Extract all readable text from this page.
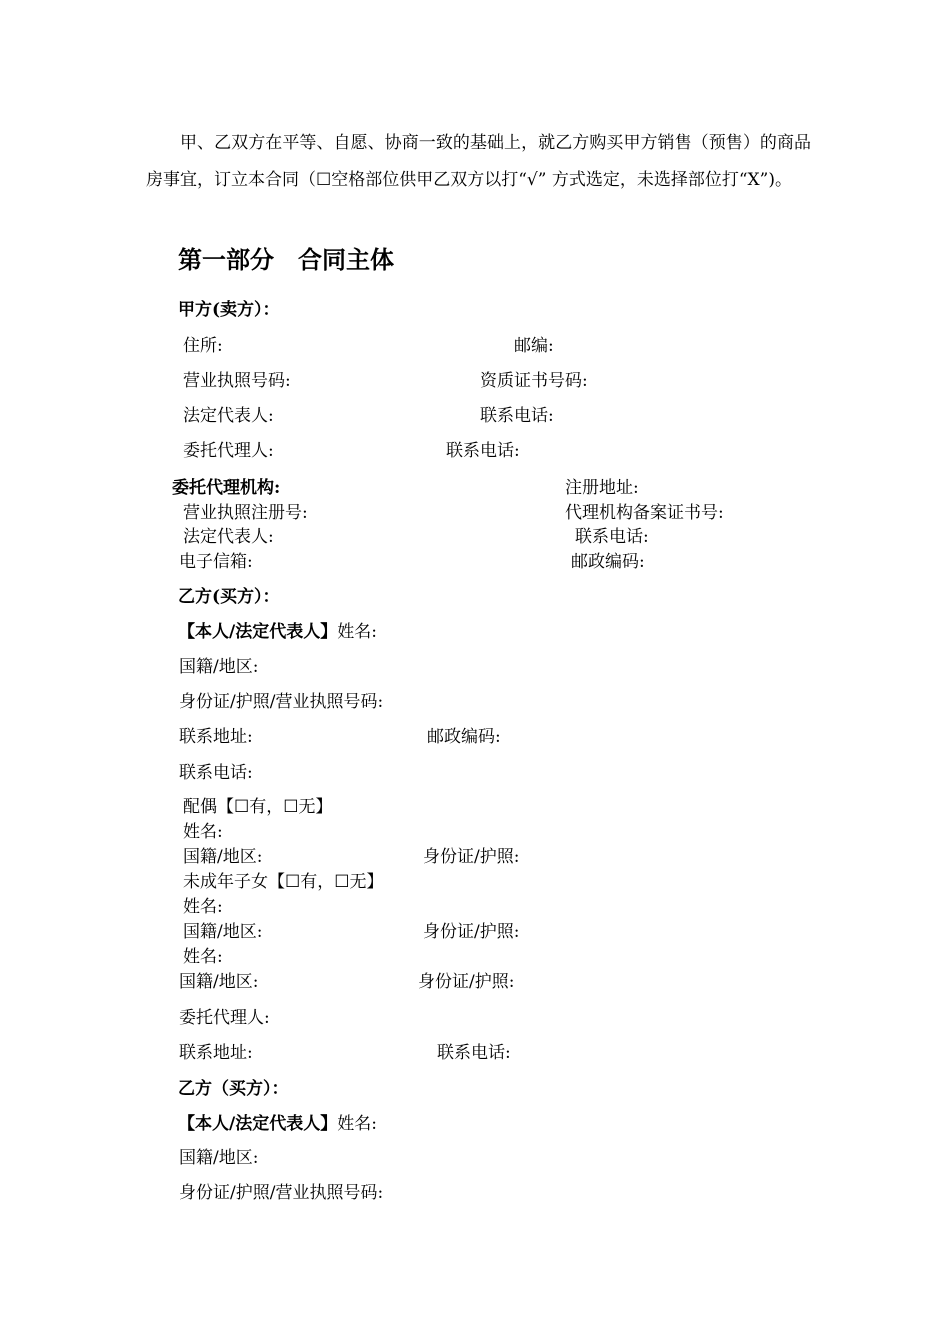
甲、乙双方在平等、自愿、协商一致的基础上，就乙方购买甲方销售（预售）的商品房事宜，订立本合同（☐空格部位供甲乙双方以打“√” 方式选定，未选择部位打“X”)。

第一部分　合同主体
甲方(卖方）：
住所:	邮编:
营业执照号码:	资质证书号码:
法定代表人:	联系电话:
委托代理人:	联系电话:
委托代理机构:	注册地址:
营业执照注册号:	代理机构备案证书号:
法定代表人:	联系电话:
电子信箱:	邮政编码:
乙方(买方）：
【本人/法定代表人】姓名:
国籍/地区:
身份证/护照/营业执照号码:
联系地址:	邮政编码:
联系电话:
配偶【☐有，☐无】
姓名:
国籍/地区:	身份证/护照:
未成年子女【☐有，☐无】
姓名:
国籍/地区:	身份证/护照:
姓名:
国籍/地区:	身份证/护照:
委托代理人:
联系地址:	联系电话:
乙方（买方）：
【本人/法定代表人】姓名:
国籍/地区:
身份证/护照/营业执照号码:
